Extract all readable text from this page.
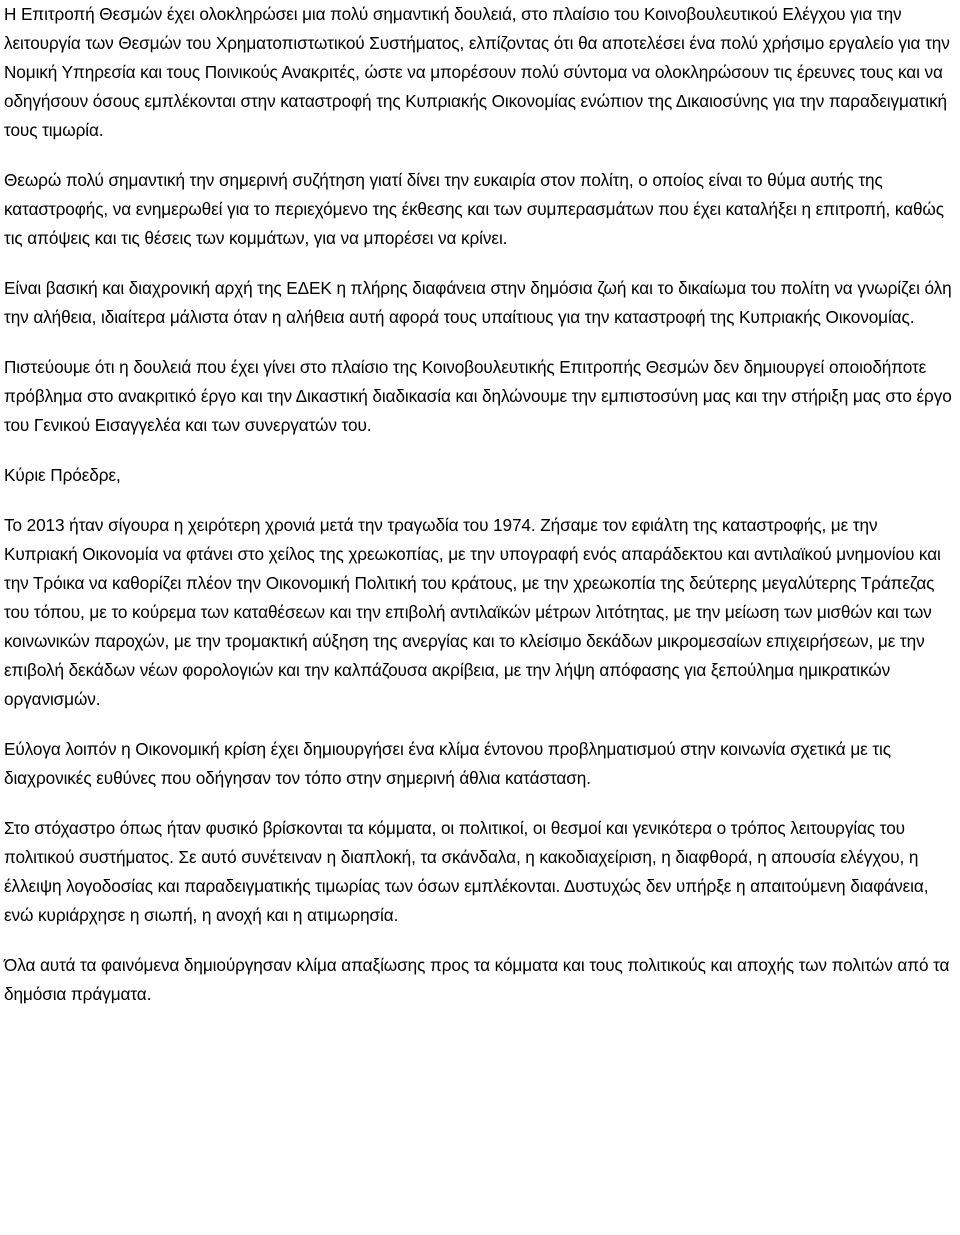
Η Επιτροπή Θεσμών έχει ολοκληρώσει μια πολύ σημαντική δουλειά, στο πλαίσιο του Κοινοβουλευτικού Ελέγχου για την λειτουργία των Θεσμών του Χρηματοπιστωτικού Συστήματος, ελπίζοντας ότι θα αποτελέσει ένα πολύ χρήσιμο εργαλείο για την Νομική Υπηρεσία και τους Ποινικούς Ανακριτές, ώστε να μπορέσουν πολύ σύντομα να ολοκληρώσουν τις έρευνες τους και να οδηγήσουν όσους εμπλέκονται στην καταστροφή της Κυπριακής Οικονομίας ενώπιον της Δικαιοσύνης για την παραδειγματική τους τιμωρία.

Θεωρώ πολύ σημαντική την σημερινή συζήτηση γιατί δίνει την ευκαιρία στον πολίτη, ο οποίος είναι το θύμα αυτής της καταστροφής, να ενημερωθεί για το περιεχόμενο της έκθεσης και των συμπερασμάτων που έχει καταλήξει η επιτροπή, καθώς τις απόψεις και τις θέσεις των κομμάτων, για να μπορέσει να κρίνει.

Είναι βασική και διαχρονική αρχή της ΕΔΕΚ η πλήρης διαφάνεια στην δημόσια ζωή και το δικαίωμα του πολίτη να γνωρίζει όλη την αλήθεια, ιδιαίτερα μάλιστα όταν η αλήθεια αυτή αφορά τους υπαίτιους για την καταστροφή της Κυπριακής Οικονομίας.

Πιστεύουμε ότι η δουλειά που έχει γίνει στο πλαίσιο της Κοινοβουλευτικής Επιτροπής Θεσμών δεν δημιουργεί οποιοδήποτε πρόβλημα στο ανακριτικό έργο και την Δικαστική διαδικασία και δηλώνουμε την εμπιστοσύνη μας και την στήριξη μας στο έργο του Γενικού Εισαγγελέα και των συνεργατών του.

Κύριε Πρόεδρε,

Το 2013 ήταν σίγουρα η χειρότερη χρονιά μετά την τραγωδία του 1974. Ζήσαμε τον εφιάλτη της καταστροφής, με την Κυπριακή Οικονομία να φτάνει στο χείλος της χρεωκοπίας, με την υπογραφή ενός απαράδεκτου και αντιλαϊκού μνημονίου και την Τρόικα να καθορίζει πλέον την Οικονομική Πολιτική του κράτους, με την χρεωκοπία της δεύτερης μεγαλύτερης Τράπεζας του τόπου, με το κούρεμα των καταθέσεων και την επιβολή αντιλαϊκών μέτρων λιτότητας, με την μείωση των μισθών και των κοινωνικών παροχών, με την τρομακτική αύξηση της ανεργίας και το κλείσιμο δεκάδων μικρομεσαίων επιχειρήσεων, με την επιβολή δεκάδων νέων φορολογιών και την καλπάζουσα ακρίβεια, με την λήψη απόφασης για ξεπούλημα ημικρατικών οργανισμών.

Εύλογα λοιπόν η Οικονομική κρίση έχει δημιουργήσει ένα κλίμα έντονου προβληματισμού στην κοινωνία σχετικά με τις διαχρονικές ευθύνες που οδήγησαν τον τόπο στην σημερινή άθλια κατάσταση.

Στο στόχαστρο όπως ήταν φυσικό βρίσκονται τα κόμματα, οι πολιτικοί, οι θεσμοί και γενικότερα ο τρόπος λειτουργίας του πολιτικού συστήματος. Σε αυτό συνέτειναν η διαπλοκή, τα σκάνδαλα, η κακοδιαχείριση, η διαφθορά, η απουσία ελέγχου, η έλλειψη λογοδοσίας και παραδειγματικής τιμωρίας των όσων εμπλέκονται. Δυστυχώς δεν υπήρξε η απαιτούμενη διαφάνεια, ενώ κυριάρχησε η σιωπή, η ανοχή και η ατιμωρησία.

Όλα αυτά τα φαινόμενα δημιούργησαν κλίμα απαξίωσης προς τα κόμματα και τους πολιτικούς και αποχής των πολιτών από τα δημόσια πράγματα.
